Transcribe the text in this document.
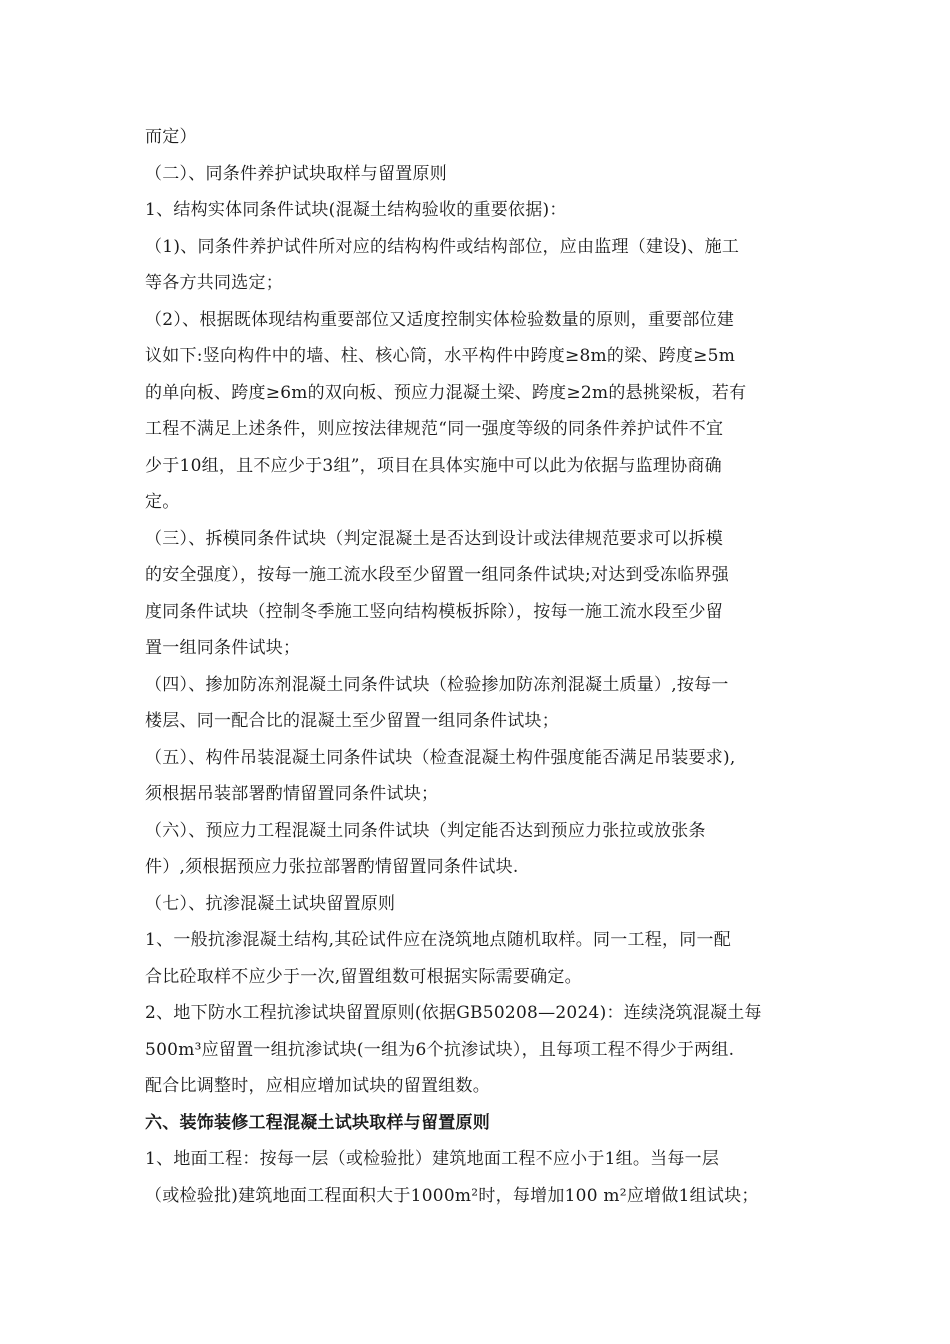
而定）
（二）、同条件养护试块取样与留置原则
1、结构实体同条件试块(混凝土结构验收的重要依据)：
（1)、同条件养护试件所对应的结构构件或结构部位，应由监理（建设)、施工
等各方共同选定；
（2）、根据既体现结构重要部位又适度控制实体检验数量的原则，重要部位建
议如下:竖向构件中的墙、柱、核心筒，水平构件中跨度≥8m的梁、跨度≥5m
的单向板、跨度≥6m的双向板、预应力混凝土梁、跨度≥2m的悬挑梁板，若有
工程不满足上述条件，则应按法律规范“同一强度等级的同条件养护试件不宜
少于10组，且不应少于3组”，项目在具体实施中可以此为依据与监理协商确
定。
（三）、拆模同条件试块（判定混凝土是否达到设计或法律规范要求可以拆模
的安全强度），按每一施工流水段至少留置一组同条件试块;对达到受冻临界强
度同条件试块（控制冬季施工竖向结构模板拆除），按每一施工流水段至少留
置一组同条件试块；
（四）、掺加防冻剂混凝土同条件试块（检验掺加防冻剂混凝土质量）,按每一
楼层、同一配合比的混凝土至少留置一组同条件试块；
（五）、构件吊装混凝土同条件试块（检查混凝土构件强度能否满足吊装要求),
须根据吊装部署酌情留置同条件试块；
（六）、预应力工程混凝土同条件试块（判定能否达到预应力张拉或放张条
件）,须根据预应力张拉部署酌情留置同条件试块.
（七）、抗渗混凝土试块留置原则
1、一般抗渗混凝土结构,其砼试件应在浇筑地点随机取样。同一工程，同一配
合比砼取样不应少于一次,留置组数可根据实际需要确定。
2、地下防水工程抗渗试块留置原则(依据GB50208—2024)：连续浇筑混凝土每
500m³应留置一组抗渗试块(一组为6个抗渗试块），且每项工程不得少于两组.
配合比调整时，应相应增加试块的留置组数。
六、装饰装修工程混凝土试块取样与留置原则
1、地面工程：按每一层（或检验批）建筑地面工程不应小于1组。当每一层
（或检验批)建筑地面工程面积大于1000m²时，每增加100 m²应增做1组试块；
